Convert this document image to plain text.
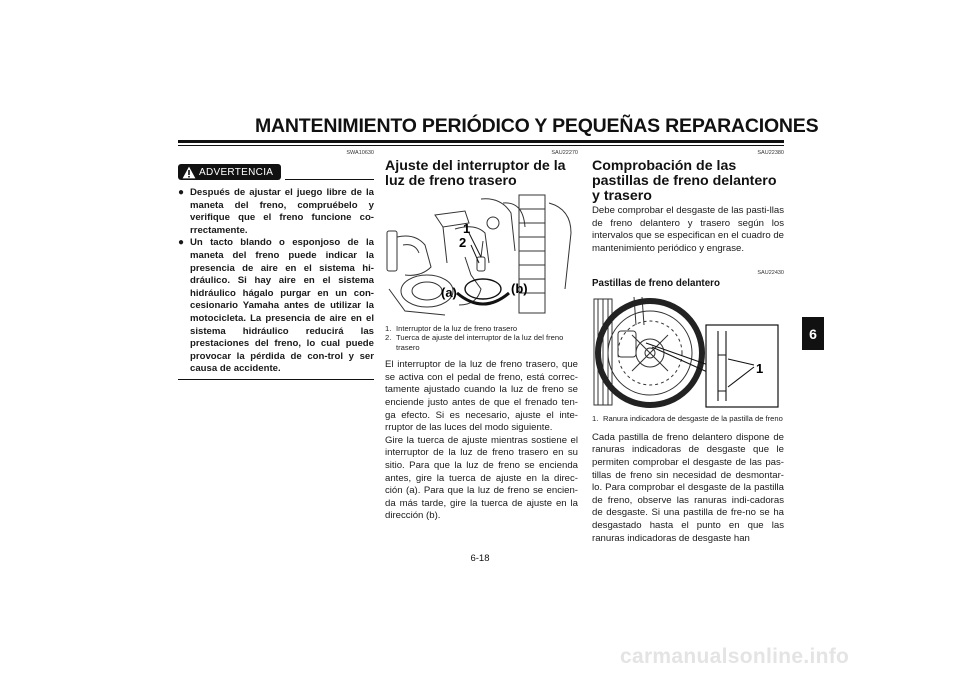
MANTENIMIENTO PERIÓDICO Y PEQUEÑAS REPARACIONES
SWA10630
ADVERTENCIA
● Después de ajustar el juego libre de la maneta del freno, compruébelo y verifique que el freno funcione co-rrectamente.
● Un tacto blando o esponjoso de la maneta del freno puede indicar la presencia de aire en el sistema hi-dráulico. Si hay aire en el sistema hidráulico hágalo purgar en un con-cesionario Yamaha antes de utilizar la motocicleta. La presencia de aire en el sistema hidráulico reducirá las prestaciones del freno, lo cual puede provocar la pérdida de con-trol y ser causa de accidente.
SAU22270
Ajuste del interruptor de la luz de freno trasero
1
2
(a)	(b)
1. Interruptor de la luz de freno trasero
2. Tuerca de ajuste del interruptor de la luz del freno trasero
El interruptor de la luz de freno trasero, que se activa con el pedal de freno, está correc-tamente ajustado cuando la luz de freno se enciende justo antes de que el frenado ten-ga efecto. Si es necesario, ajuste el inte-rruptor de las luces del modo siguiente.
Gire la tuerca de ajuste mientras sostiene el interruptor de la luz de freno trasero en su sitio. Para que la luz de freno se encienda antes, gire la tuerca de ajuste en la direc-ción (a). Para que la luz de freno se encien-da más tarde, gire la tuerca de ajuste en la dirección (b).
SAU22380
Comprobación de las pastillas de freno delantero y trasero
Debe comprobar el desgaste de las pasti-llas de freno delantero y trasero según los intervalos que se especifican en el cuadro de mantenimiento periódico y engrase.
SAU22430
Pastillas de freno delantero
1
1. Ranura indicadora de desgaste de la pastilla de freno
Cada pastilla de freno delantero dispone de ranuras indicadoras de desgaste que le permiten comprobar el desgaste de las pas-tillas de freno sin necesidad de desmontar-lo. Para comprobar el desgaste de la pastilla de freno, observe las ranuras indi-cadoras de desgaste. Si una pastilla de fre-no se ha desgastado hasta el punto en que las ranuras indicadoras de desgaste han
6
6-18
carmanualsonline.info
